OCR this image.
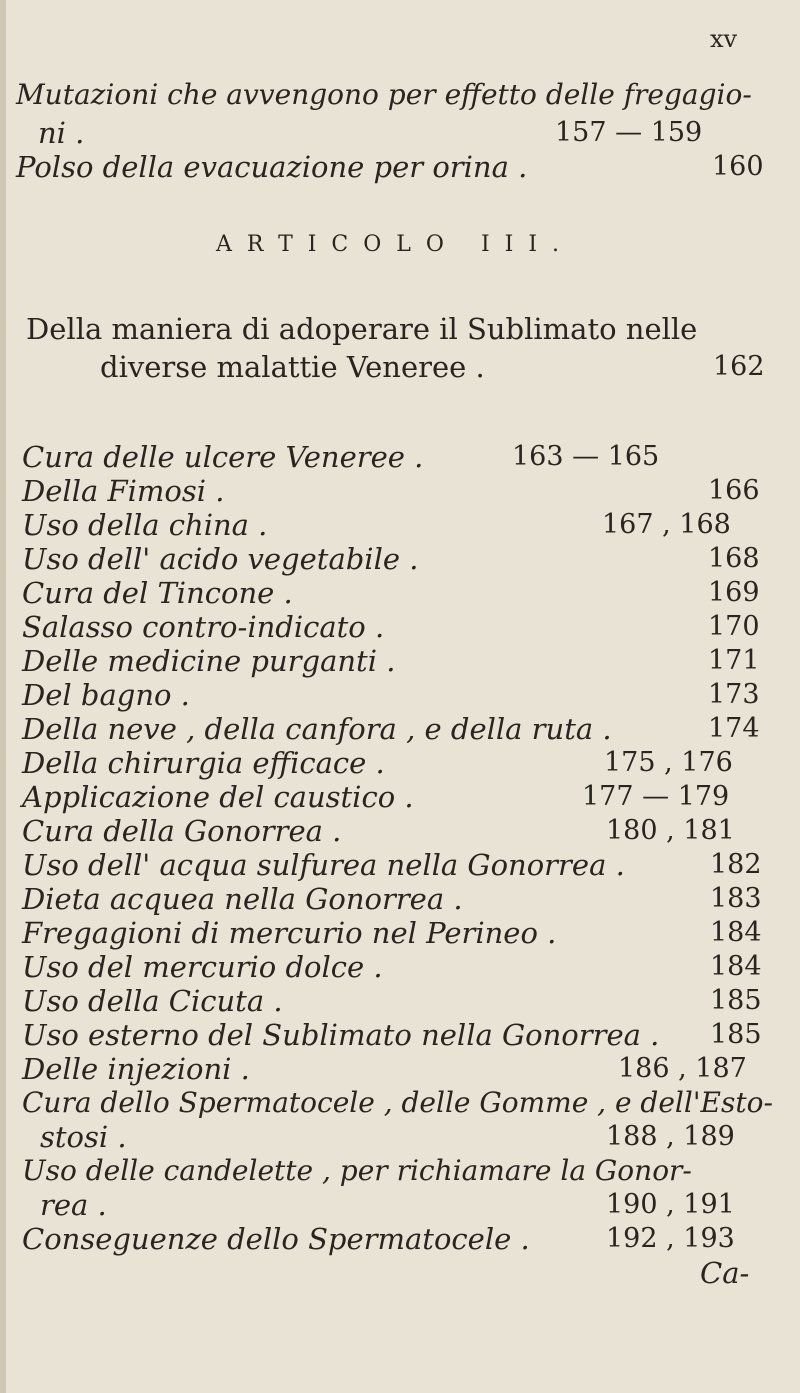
xv
Mutazioni che avvengono per effetto delle fregagio-
ni .	157 — 159
Polso della evacuazione per orina .	160
ARTICOLO III.
Della maniera di adoperare il Sublimato nelle
diverse malattie Veneree .	162
Cura delle ulcere Veneree .	163 — 165
Della Fimosi .	166
Uso della china .	167 , 168
Uso dell' acido vegetabile .	168
Cura del Tincone .	169
Salasso contro-indicato .	170
Delle medicine purganti .	171
Del bagno .	173
Della neve , della canfora , e della ruta .	174
Della chirurgia efficace .	175 , 176
Applicazione del caustico .	177 — 179
Cura della Gonorrea .	180 , 181
Uso dell' acqua sulfurea nella Gonorrea .	182
Dieta acquea nella Gonorrea .	183
Fregagioni di mercurio nel Perineo .	184
Uso del mercurio dolce .	184
Uso della Cicuta .	185
Uso esterno del Sublimato nella Gonorrea . 185
Delle injezioni .	186 , 187
Cura dello Spermatocele , delle Gomme , e dell'Esto-
stosi .	188 , 189
Uso delle candelette , per richiamare la Gonor-
rea .	190 , 191
Conseguenze dello Spermatocele .	192 , 193
Ca-
